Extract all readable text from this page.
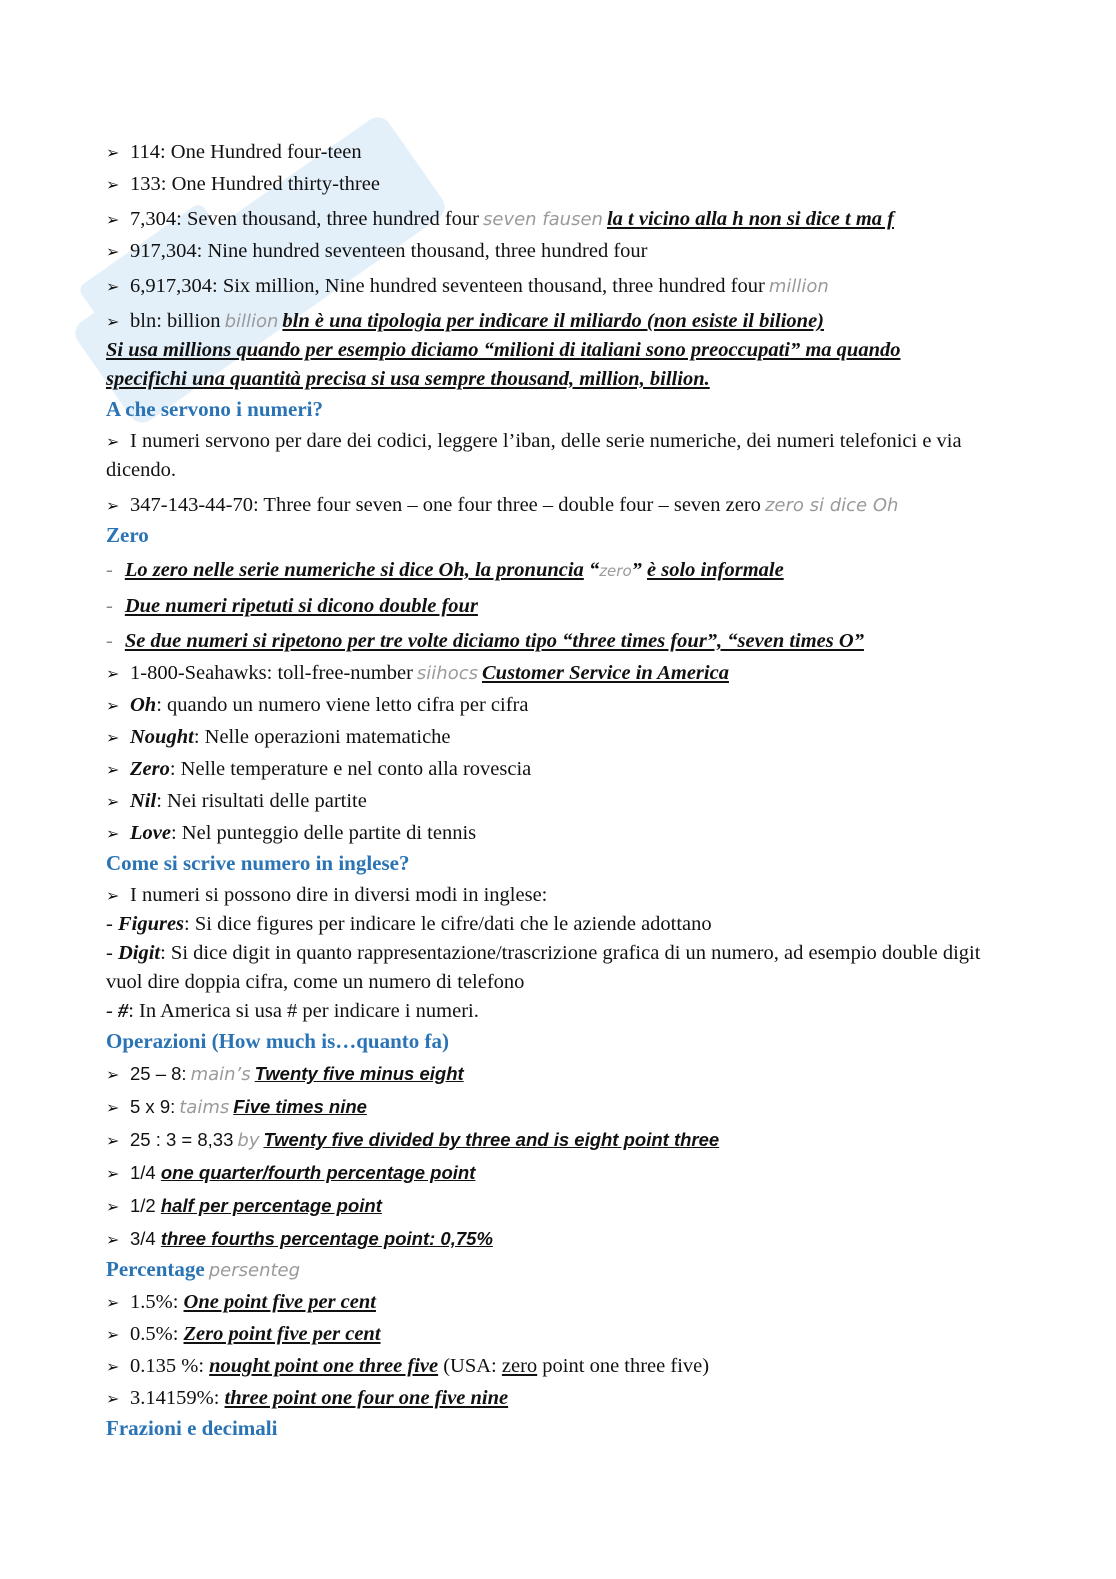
➢ 114: One Hundred four-teen
➢ 133: One Hundred thirty-three
➢ 7,304: Seven thousand, three hundred four seven fausen la t vicino alla h non si dice t ma f
➢ 917,304: Nine hundred seventeen thousand, three hundred four
➢ 6,917,304: Six million, Nine hundred seventeen thousand, three hundred four million
➢ bln: billion billion bln è una tipologia per indicare il miliardo (non esiste il bilione)
Si usa millions quando per esempio diciamo “milioni di italiani sono preoccupati” ma quando specifichi una quantità precisa si usa sempre thousand, million, billion.
A che servono i numeri?
➢ I numeri servono per dare dei codici, leggere l’iban, delle serie numeriche, dei numeri telefonici e via dicendo.
➢ 347-143-44-70: Three four seven – one four three – double four – seven zero zero si dice Oh
Zero
- Lo zero nelle serie numeriche si dice Oh, la pronuncia “zero” è solo informale
- Due numeri ripetuti si dicono double four
- Se due numeri si ripetono per tre volte diciamo tipo “three times four”, “seven times O”
➢ 1-800-Seahawks: toll-free-number siihocs Customer Service in America
➢ Oh: quando un numero viene letto cifra per cifra
➢ Nought: Nelle operazioni matematiche
➢ Zero: Nelle temperature e nel conto alla rovescia
➢ Nil: Nei risultati delle partite
➢ Love: Nel punteggio delle partite di tennis
Come si scrive numero in inglese?
➢ I numeri si possono dire in diversi modi in inglese:
- Figures: Si dice figures per indicare le cifre/dati che le aziende adottano
- Digit: Si dice digit in quanto rappresentazione/trascrizione grafica di un numero, ad esempio double digit vuol dire doppia cifra, come un numero di telefono
- #: In America si usa # per indicare i numeri.
Operazioni (How much is…quanto fa)
➢ 25 – 8: main’s Twenty five minus eight
➢ 5 x 9: taims Five times nine
➢ 25 : 3 = 8,33 by Twenty five divided by three and is eight point three
➢ 1/4 one quarter/fourth percentage point
➢ 1/2 half per percentage point
➢ 3/4 three fourths percentage point: 0,75%
Percentage persenteg
➢ 1.5%: One point five per cent
➢ 0.5%: Zero point five per cent
➢ 0.135 %: nought point one three five (USA: zero point one three five)
➢ 3.14159%: three point one four one five nine
Frazioni e decimali
